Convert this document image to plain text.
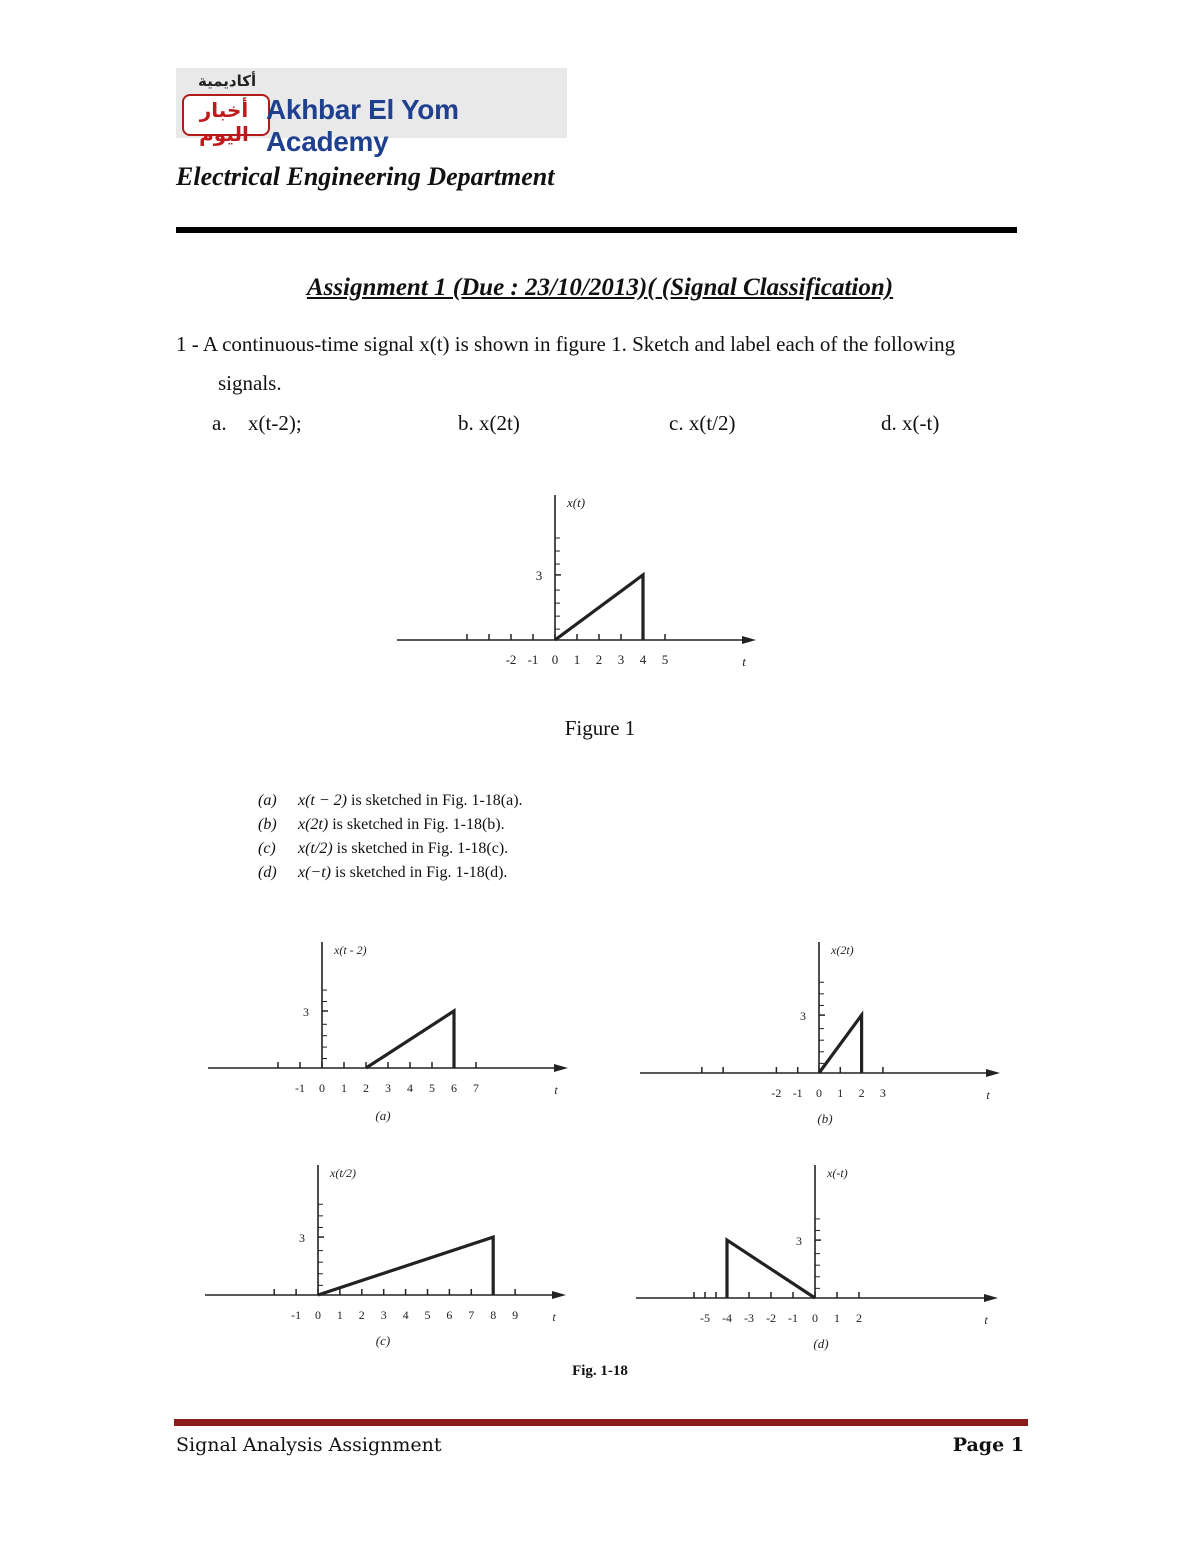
أكاديمية
أخبار اليوم
Akhbar El Yom Academy
Electrical Engineering Department
Assignment 1 (Due : 23/10/2013)( (Signal Classification)
1 - A continuous-time signal x(t) is shown in figure 1. Sketch and label each of the following
signals.
a. x(t-2);	b. x(2t)	c. x(t/2)	d. x(-t)
-2 -1 0 1 2 3 4 5
3
x(t)
t
-1 0 1 2 3 4 5 6 7
3
x(t - 2)
t
(a)
-2 -1 0 1 2 3
3
x(2t)
t
(b)
-1 0 1 2 3 4 5 6 7 8 9
3
x(t/2)
t
(c)
-5 -4 -3 -2 -1 0 1 2
3
x(-t)
t
(d)
Figure 1
(a) x(t − 2) is sketched in Fig. 1-18(a).
(b) x(2t) is sketched in Fig. 1-18(b).
(c) x(t/2) is sketched in Fig. 1-18(c).
(d) x(−t) is sketched in Fig. 1-18(d).
Fig. 1-18
Signal Analysis Assignment	Page 1
